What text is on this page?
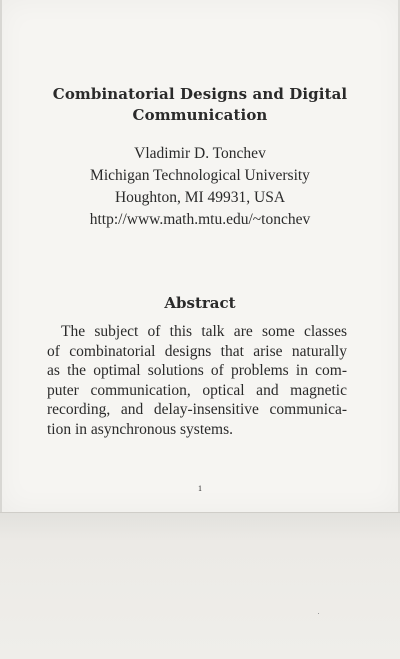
Combinatorial Designs and Digital
Communication
Vladimir D. Tonchev
Michigan Technological University
Houghton, MI 49931, USA
http://www.math.mtu.edu/~tonchev
Abstract
The subject of this talk are some classes
of combinatorial designs that arise naturally
as the optimal solutions of problems in com-
puter communication, optical and magnetic
recording, and delay-insensitive communica-
tion in asynchronous systems.
1
